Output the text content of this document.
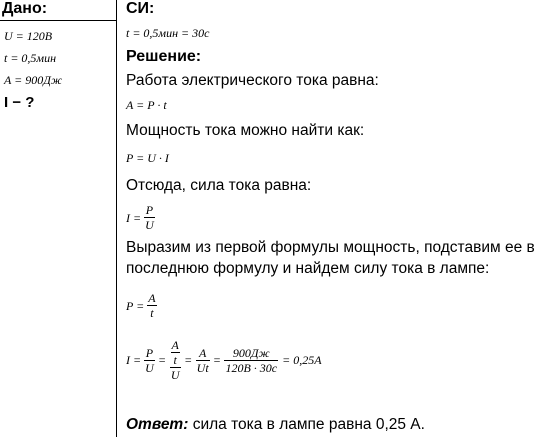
Дано:
U = 120В
t = 0,5мин
A = 900Дж
I − ?
СИ:
t = 0,5мин = 30с
Решение:
Работа электрического тока равна:
A = P · t
Мощность тока можно найти как:
P = U · I
Отсюда, сила тока равна:
$I = \frac{P}{U}$
Выразим из первой формулы мощность, подставим ее в
последнюю формулу и найдем силу тока в лампе:
$P = \frac{A}{t}$
$I = \frac{P}{U} = \frac{\frac{A}{t}}{U} = \frac{A}{Ut} = \frac{900Дж}{120В \cdot 30с} = 0,25А$
Ответ: сила тока в лампе равна 0,25 А.
